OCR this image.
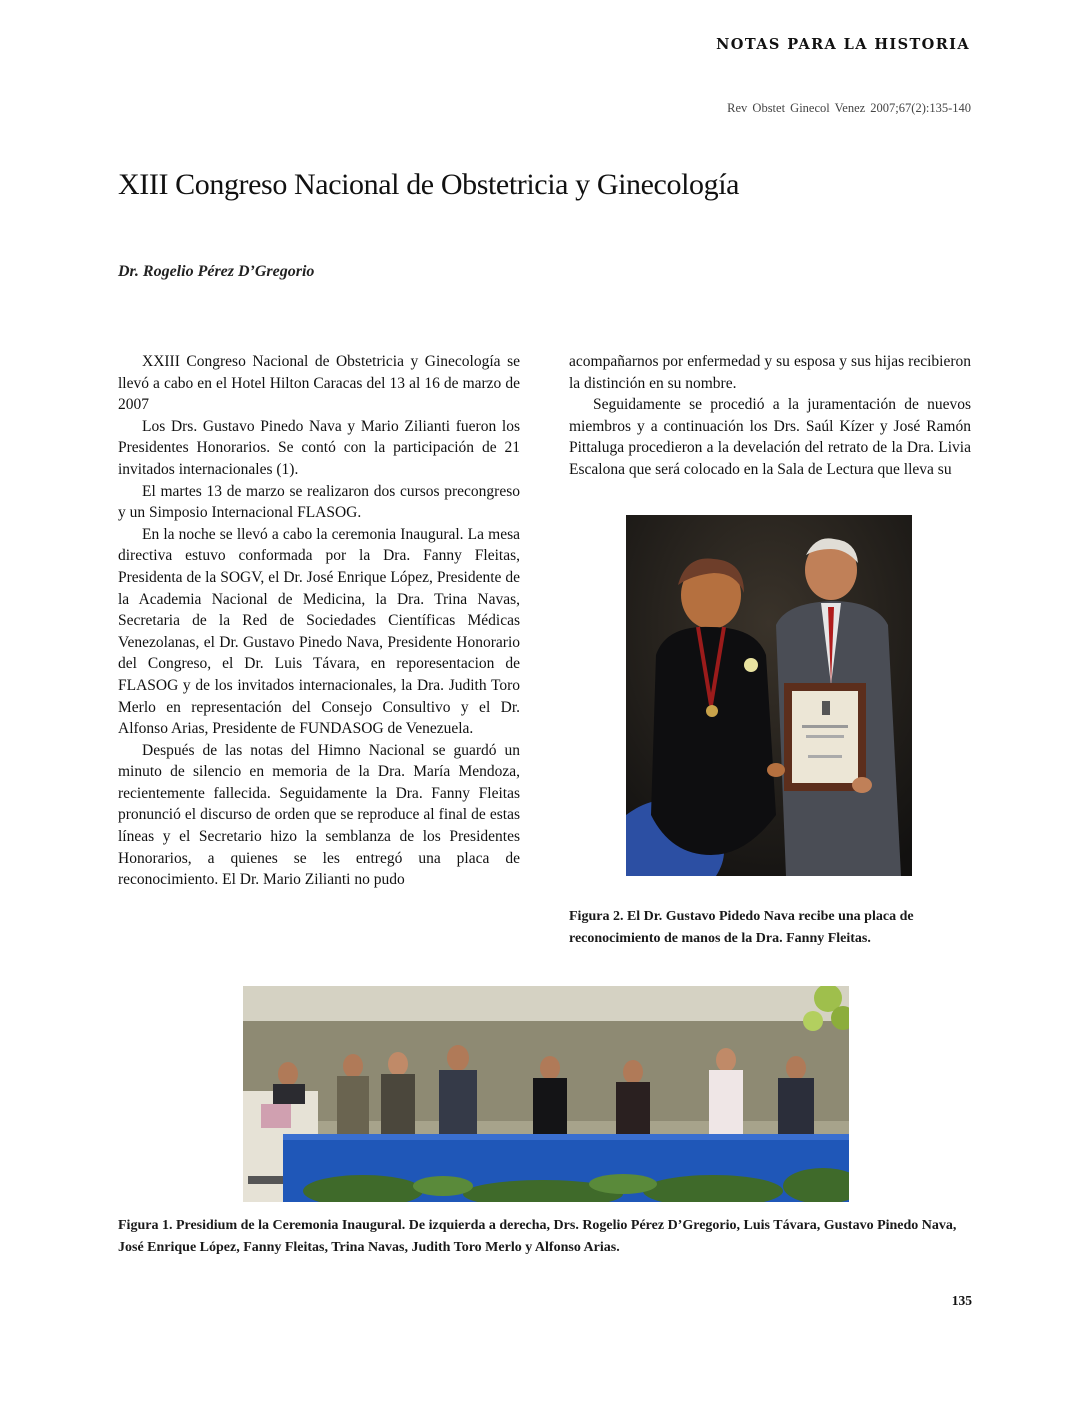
NOTAS PARA LA HISTORIA
Rev Obstet Ginecol Venez 2007;67(2):135-140
XIII Congreso Nacional de Obstetricia y Ginecología
Dr. Rogelio Pérez D’Gregorio

XXIII Congreso Nacional de Obstetricia y Ginecología se llevó a cabo en el Hotel Hilton Caracas del 13 al 16 de marzo de 2007

Los Drs. Gustavo Pinedo Nava y Mario Zilianti fueron los Presidentes Honorarios. Se contó con la participación de 21 invitados internacionales (1).

El martes 13 de marzo se realizaron dos cursos precongreso y un Simposio Internacional FLASOG.

En la noche se llevó a cabo la ceremonia Inaugural. La mesa directiva estuvo conformada por la Dra. Fanny Fleitas, Presidenta de la SOGV, el Dr. José Enrique López, Presidente de la Academia Nacional de Medicina, la Dra. Trina Navas, Secretaria de la Red de Sociedades Científicas Médicas Venezolanas, el Dr. Gustavo Pinedo Nava, Presidente Honorario del Congreso, el Dr. Luis Távara, en reporesentacion de FLASOG y de los invitados internacionales, la Dra. Judith Toro Merlo en representación del Consejo Consultivo y el Dr. Alfonso Arias, Presidente de FUNDASOG de Venezuela.

Después de las notas del Himno Nacional se guardó un minuto de silencio en memoria de la Dra. María Mendoza, recientemente fallecida. Seguidamente la Dra. Fanny Fleitas pronunció el discurso de orden que se reproduce al final de estas líneas y el Secretario hizo la semblanza de los Presidentes Honorarios, a quienes se les entregó una placa de reconocimiento. El Dr. Mario Zilianti no pudo

acompañarnos por enfermedad y su esposa y sus hijas recibieron la distinción en su nombre.

Seguidamente se procedió a la juramentación de nuevos miembros y a continuación los Drs. Saúl Kízer y José Ramón Pittaluga procedieron a la develación del retrato de la Dra. Livia Escalona que será colocado en la Sala de Lectura que lleva su

Figura 2. El Dr. Gustavo Pidedo Nava recibe una placa de reconocimiento de manos de la Dra. Fanny Fleitas.
Figura 1. Presidium de la Ceremonia Inaugural. De izquierda a derecha, Drs. Rogelio Pérez D’Gregorio, Luis Távara, Gustavo Pinedo Nava, José Enrique López, Fanny Fleitas, Trina Navas, Judith Toro Merlo y Alfonso Arias.
135
